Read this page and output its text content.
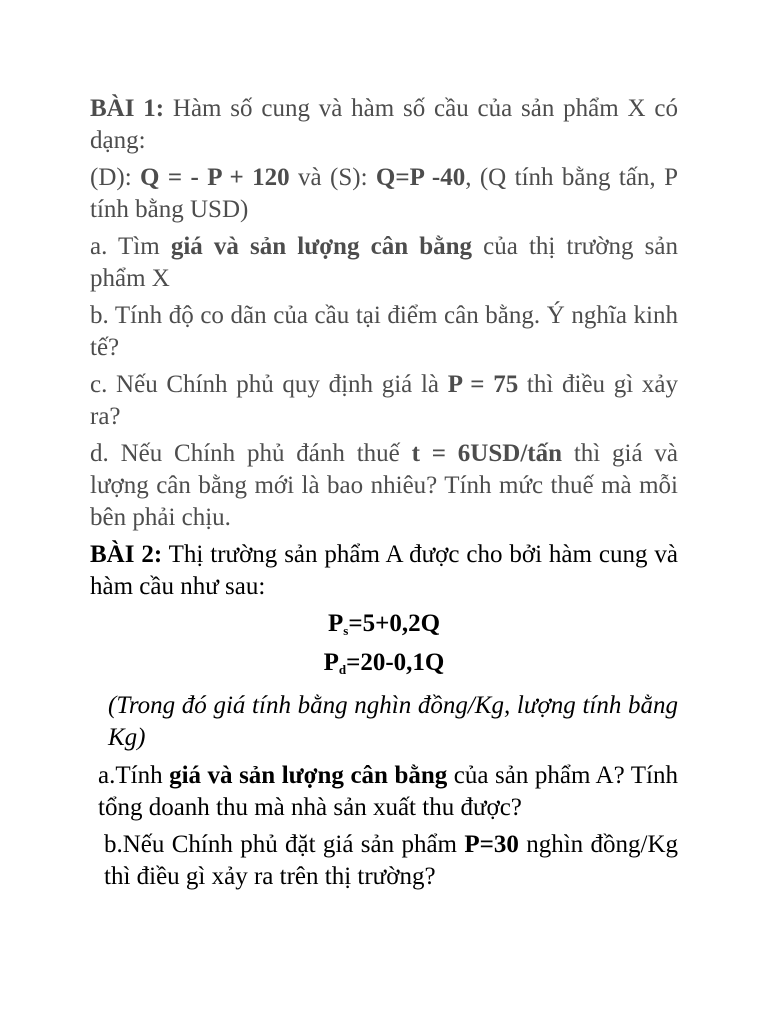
BÀI 1: Hàm số cung và hàm số cầu của sản phẩm X có dạng:

(D): Q = - P + 120 và (S): Q=P -40, (Q tính bằng tấn, P tính bằng USD)

a. Tìm giá và sản lượng cân bằng của thị trường sản phẩm X

b. Tính độ co dãn của cầu tại điểm cân bằng. Ý nghĩa kinh tế?

c. Nếu Chính phủ quy định giá là P = 75 thì điều gì xảy ra?

d. Nếu Chính phủ đánh thuế t = 6USD/tấn thì giá và lượng cân bằng mới là bao nhiêu? Tính mức thuế mà mỗi bên phải chịu.

BÀI 2: Thị trường sản phẩm A được cho bởi hàm cung và hàm cầu như sau:

$P_s=5+0,2Q$

$P_d=20-0,1Q$

(Trong đó giá tính bằng nghìn đồng/Kg, lượng tính bằng Kg)

a.Tính giá và sản lượng cân bằng của sản phẩm A? Tính tổng doanh thu mà nhà sản xuất thu được?

b.Nếu Chính phủ đặt giá sản phẩm P=30 nghìn đồng/Kg thì điều gì xảy ra trên thị trường?
